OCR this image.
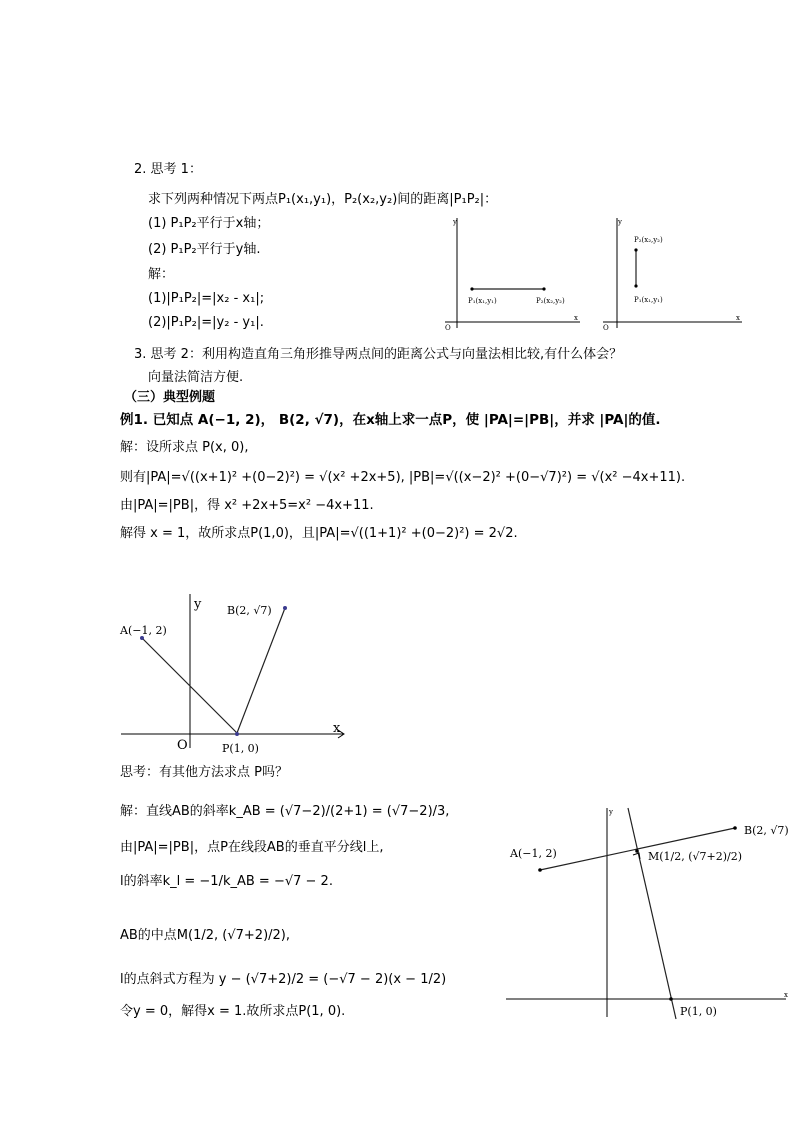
2. 思考 1：
求下列两种情况下两点P₁(x₁,y₁)，P₂(x₂,y₂)间的距离|P₁P₂|：
(1) P₁P₂平行于x轴；
(2) P₁P₂平行于y轴.
解：
(1)|P₁P₂|=|x₂ - x₁|;
(2)|P₁P₂|=|y₂ - y₁|.
y
x
O
P₁(x₁,y₁)	P₂(x₂,y₂)
y
x
O
P₂(x₂,y₂)
P₁(x₁,y₁)
3. 思考 2：利用构造直角三角形推导两点间的距离公式与向量法相比较,有什么体会？
向量法简洁方便.
（三）典型例题
例1. 已知点 A(−1, 2)， B(2, √7)，在x轴上求一点P，使 |PA|=|PB|，并求 |PA|的值.
解：设所求点 P(x, 0),
则有|PA|=√((x+1)² +(0−2)²) = √(x² +2x+5), |PB|=√((x−2)² +(0−√7)²) = √(x² −4x+11).
由|PA|=|PB|，得 x² +2x+5=x² −4x+11.
解得 x = 1，故所求点P(1,0)，且|PA|=√((1+1)² +(0−2)²) = 2√2.
y
x
O
A(−1, 2)
B(2, √7)
P(1, 0)
思考：有其他方法求点 P吗？
解：直线AB的斜率k_AB = (√7−2)/(2+1) = (√7−2)/3,
由|PA|=|PB|，点P在线段AB的垂直平分线l上,
l的斜率k_l = −1/k_AB = −√7 − 2.
AB的中点M(1/2, (√7+2)/2),
l的点斜式方程为 y − (√7+2)/2 = (−√7 − 2)(x − 1/2)
令y = 0，解得x = 1.故所求点P(1, 0).
x
y
A(−1, 2)
B(2, √7)
M(1/2, (√7+2)/2)
P(1, 0)
